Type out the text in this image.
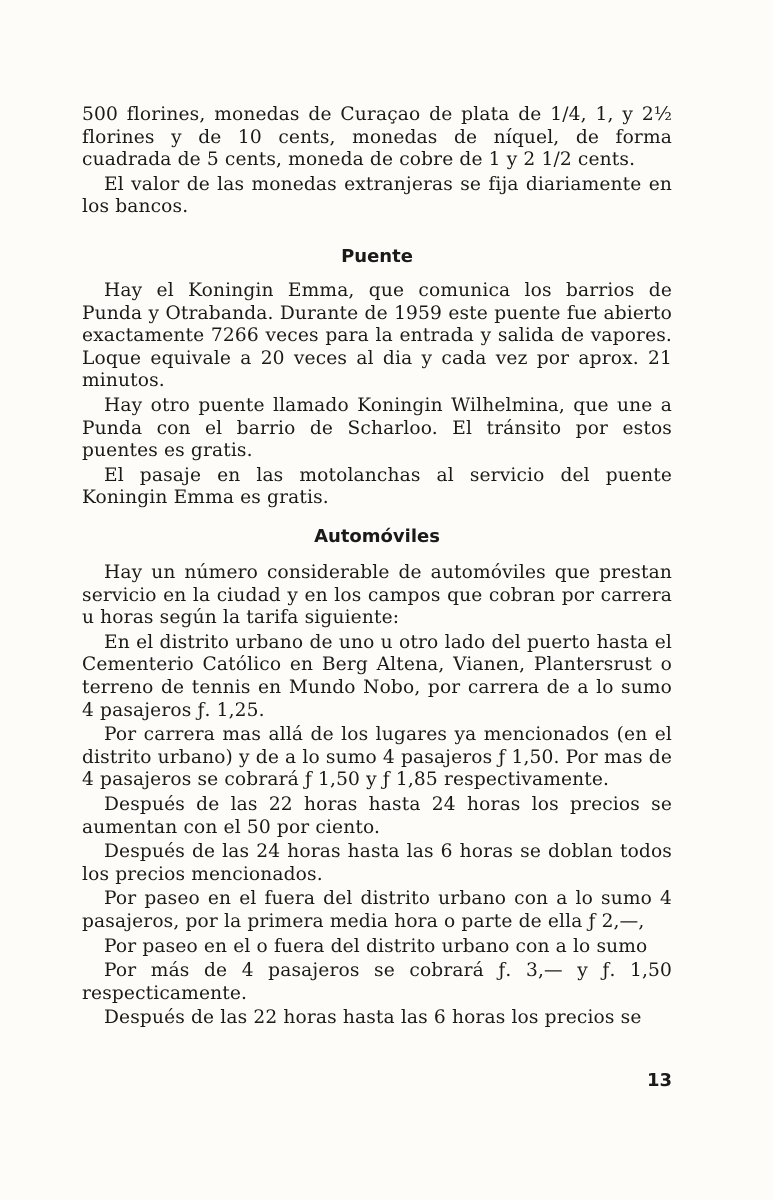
500 florines, monedas de Curaçao de plata de 1/4, 1, y 2½ florines y de 10 cents, monedas de níquel, de forma cuadrada de 5 cents, moneda de cobre de 1 y 2 1/2 cents.

El valor de las monedas extranjeras se fija diariamente en los bancos.

Puente

Hay el Koningin Emma, que comunica los barrios de Punda y Otrabanda. Durante de 1959 este puente fue abierto exactamente 7266 veces para la entrada y salida de vapores. Loque equivale a 20 veces al dia y cada vez por aprox. 21 minutos.

Hay otro puente llamado Koningin Wilhelmina, que une a Punda con el barrio de Scharloo. El tránsito por estos puentes es gratis.

El pasaje en las motolanchas al servicio del puente Koningin Emma es gratis.

Automóviles

Hay un número considerable de automóviles que prestan servicio en la ciudad y en los campos que cobran por carrera u horas según la tarifa siguiente:

En el distrito urbano de uno u otro lado del puerto hasta el Cementerio Católico en Berg Altena, Vianen, Plantersrust o terreno de tennis en Mundo Nobo, por carrera de a lo sumo 4 pasajeros ƒ. 1,25.

Por carrera mas allá de los lugares ya mencionados (en el distrito urbano) y de a lo sumo 4 pasajeros ƒ 1,50. Por mas de 4 pasajeros se cobrará ƒ 1,50 y ƒ 1,85 respectivamente.

Después de las 22 horas hasta 24 horas los precios se aumentan con el 50 por ciento.

Después de las 24 horas hasta las 6 horas se doblan todos los precios mencionados.

Por paseo en el fuera del distrito urbano con a lo sumo 4 pasajeros, por la primera media hora o parte de ella ƒ 2,—,

Por paseo en el o fuera del distrito urbano con a lo sumo

Por más de 4 pasajeros se cobrará ƒ. 3,— y ƒ. 1,50 respecticamente.

Después de las 22 horas hasta las 6 horas los precios se

13
